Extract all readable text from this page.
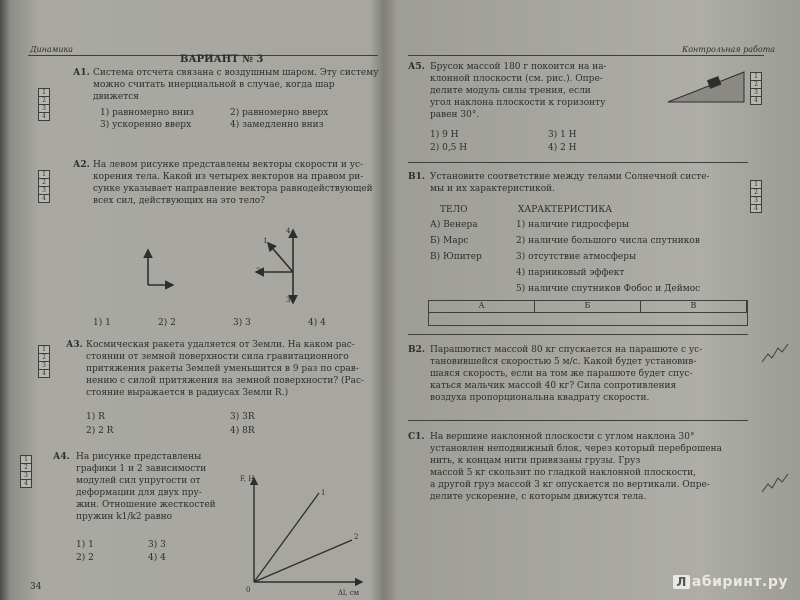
Динамика
ВАРИАНТ № 3
1
2
3
4
А1. Система отсчета связана с воздушным шаром. Эту систему
можно считать инерциальной в случае, когда шар
движется
1) равномерно вниз	2) равномерно вверх
3) ускоренно вверх	4) замедленно вниз
1
2
3
4
А2. На левом рисунке представлены векторы скорости и ус-
корения тела. Какой из четырех векторов на правом ри-
сунке указывает направление вектора равнодействующей
всех сил, действующих на это тело?
4
1
2
3
1) 1	2) 2	3) 3	4) 4
1
2
3
4
А3. Космическая ракета удаляется от Земли. На каком рас-
стоянии от земной поверхности сила гравитационного
притяжения ракеты Землей уменьшится в 9 раз по срав-
нению с силой притяжения на земной поверхности? (Рас-
стояние выражается в радиусах Земли R.)
1) R
2) 2 R
3) 3R
4) 8R
1
2
3
4
А4. На рисунке представлены
графики 1 и 2 зависимости
модулей сил упругости от
деформации для двух пру-
жин. Отношение жесткостей
пружин k1/k2 равно
1) 1
2) 2
3) 3
4) 4
F, Н
Δl, см
0
1
2
34
Контрольная работа
1
2
3
4
1
2
3
4
А5. Брусок массой 180 г покоится на на-
клонной плоскости (см. рис.). Опре-
делите модуль силы трения, если
угол наклона плоскости к горизонту
равен 30°.
1) 9 Н
2) 0,5 Н
3) 1 Н
4) 2 Н
В1. Установите соответствие между телами Солнечной систе-
мы и их характеристикой.
ТЕЛО	ХАРАКТЕРИСТИКА
А) Венера
Б) Марс
В) Юпитер
1) наличие гидросферы
2) наличие большого числа спутников
3) отсутствие атмосферы
4) парниковый эффект
5) наличие спутников Фобос и Деймос
А	Б	В
В2. Парашютист массой 80 кг спускается на парашюте с ус-
тановившейся скоростью 5 м/с. Какой будет установив-
шаяся скорость, если на том же парашюте будет спус-
каться мальчик массой 40 кг? Сила сопротивления
воздуха пропорциональна квадрату скорости.
С1. На вершине наклонной плоскости с углом наклона 30°
установлен неподвижный блок, через который переброшена
нить, к концам нити привязаны грузы. Груз
массой 5 кг скользит по гладкой наклонной плоскости,
а другой груз массой 3 кг опускается по вертикали. Опре-
делите ускорение, с которым движутся тела.
Л абиринт.ру
